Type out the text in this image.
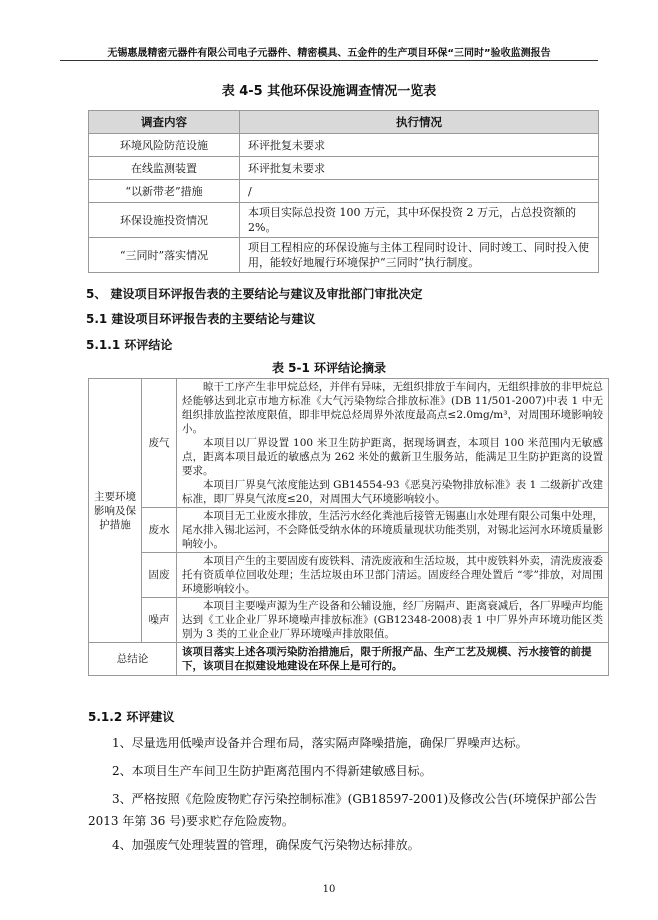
无锡惠晟精密元器件有限公司电子元器件、精密模具、五金件的生产项目环保“三同时”验收监测报告
表 4-5 其他环保设施调查情况一览表
调查内容	执行情况
环境风险防范设施	环评批复未要求
在线监测装置	环评批复未要求
“以新带老”措施	/
环保设施投资情况	本项目实际总投资 100 万元，其中环保投资 2 万元，占总投资额的 2%。
“三同时”落实情况	项目工程相应的环保设施与主体工程同时设计、同时竣工、同时投入使用，能较好地履行环境保护“三同时”执行制度。
5、 建设项目环评报告表的主要结论与建议及审批部门审批决定
5.1 建设项目环评报告表的主要结论与建议
5.1.1 环评结论
表 5-1 环评结论摘录
主要环境影响及保护措施	废气	晾干工序产生非甲烷总烃，并伴有异味，无组织排放于车间内，无组织排放的非甲烷总烃能够达到北京市地方标准《大气污染物综合排放标准》(DB 11/501-2007)中表 1 中无组织排放监控浓度限值，即非甲烷总烃周界外浓度最高点≤2.0mg/m³，对周围环境影响较小。

本项目以厂界设置 100 米卫生防护距离，据现场调查，本项目 100 米范围内无敏感点，距离本项目最近的敏感点为 262 米处的戴新卫生服务站，能满足卫生防护距离的设置要求。

本项目厂界臭气浓度能达到 GB14554-93《恶臭污染物排放标准》表 1 二级新扩改建标准，即厂界臭气浓度≤20，对周围大气环境影响较小。

	废水	本项目无工业废水排放，生活污水经化粪池后接管无锡惠山水处理有限公司集中处理，尾水排入锡北运河，不会降低受纳水体的环境质量现状功能类别，对锡北运河水环境质量影响较小。

	固废	本项目产生的主要固废有废铁料、清洗废液和生活垃圾，其中废铁料外卖，清洗废液委托有资质单位回收处理；生活垃圾由环卫部门清运。固废经合理处置后 “零”排放，对周围环境影响较小。

	噪声	本项目主要噪声源为生产设备和公辅设施，经厂房隔声、距离衰减后，各厂界噪声均能达到《工业企业厂界环境噪声排放标准》(GB12348-2008)表 1 中厂界外声环境功能区类别为 3 类的工业企业厂界环境噪声排放限值。

总结论		该项目落实上述各项污染防治措施后，限于所报产品、生产工艺及规模、污水接管的前提下，该项目在拟建设地建设在环保上是可行的。
5.1.2 环评建议

1、尽量选用低噪声设备并合理布局，落实隔声降噪措施，确保厂界噪声达标。

2、本项目生产车间卫生防护距离范围内不得新建敏感目标。

3、严格按照《危险废物贮存污染控制标准》(GB18597-2001)及修改公告(环境保护部公告 2013 年第 36 号)要求贮存危险废物。

4、加强废气处理装置的管理，确保废气污染物达标排放。

10
